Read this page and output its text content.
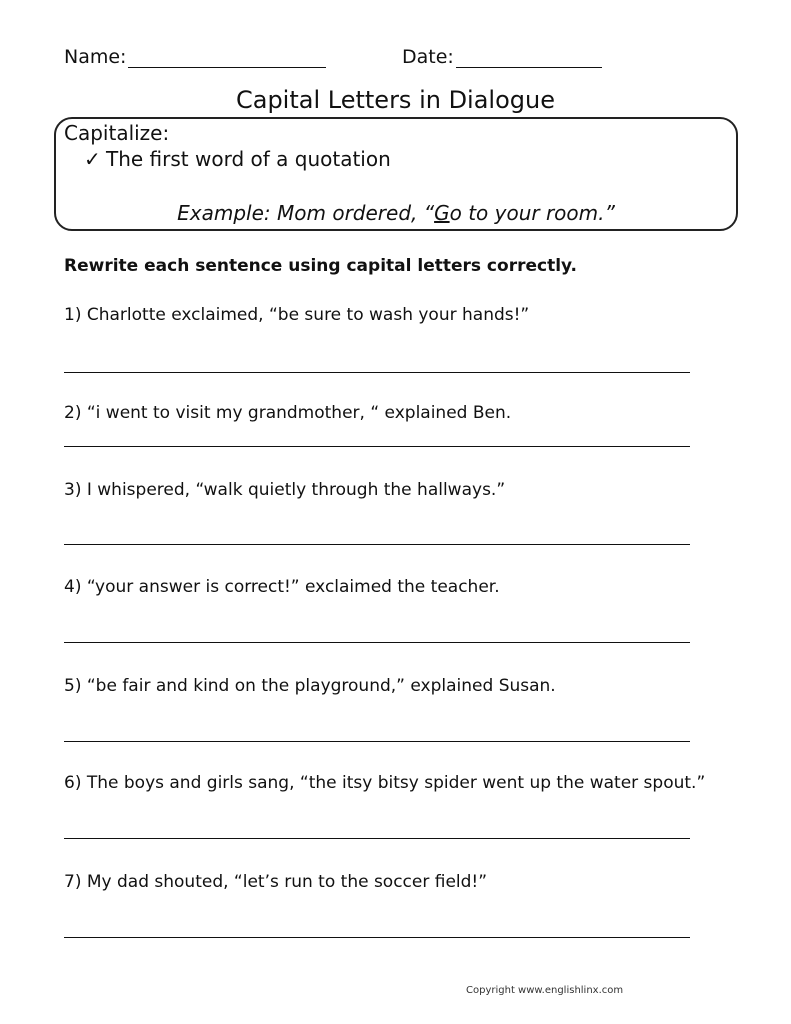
Name:	Date:
Capital Letters in Dialogue
Capitalize:
✓ The first word of a quotation
Example: Mom ordered, “Go to your room.”
Rewrite each sentence using capital letters correctly.
1) Charlotte exclaimed, “be sure to wash your hands!”
2) “i went to visit my grandmother, “ explained Ben.
3) I whispered, “walk quietly through the hallways.”
4) “your answer is correct!” exclaimed the teacher.
5) “be fair and kind on the playground,” explained Susan.
6) The boys and girls sang, “the itsy bitsy spider went up the water spout.”
7) My dad shouted, “let’s run to the soccer field!”
Copyright www.englishlinx.com
